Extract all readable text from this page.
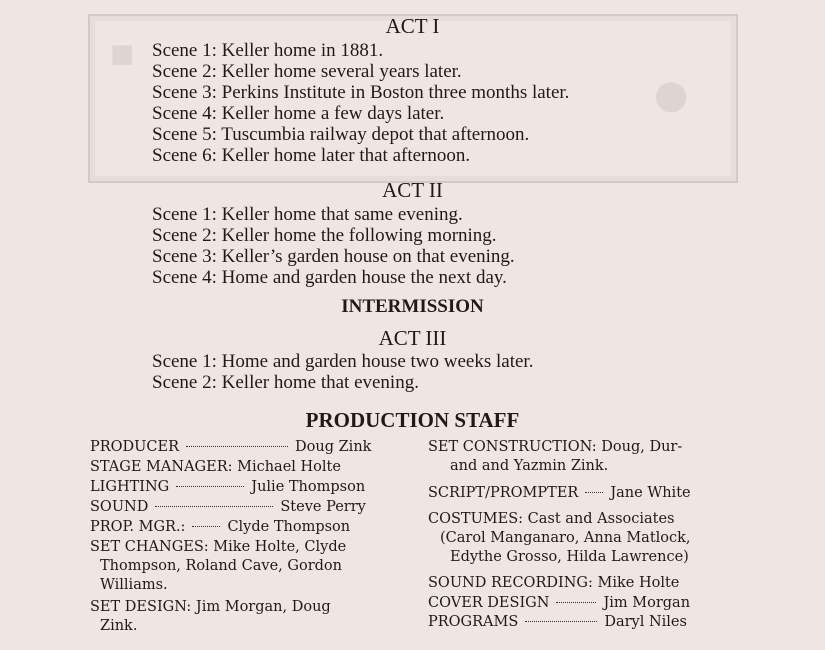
■
●
ACT I
Scene 1: Keller home in 1881.
Scene 2: Keller home several years later.
Scene 3: Perkins Institute in Boston three months later.
Scene 4: Keller home a few days later.
Scene 5: Tuscumbia railway depot that afternoon.
Scene 6: Keller home later that afternoon.
ACT II
Scene 1: Keller home that same evening.
Scene 2: Keller home the following morning.
Scene 3: Keller’s garden house on that evening.
Scene 4: Home and garden house the next day.
INTERMISSION
ACT III
Scene 1: Home and garden house two weeks later.
Scene 2: Keller home that evening.
PRODUCTION STAFF
PRODUCER	Doug Zink
STAGE MANAGER: Michael Holte
LIGHTING	Julie Thompson
SOUND	Steve Perry
PROP. MGR.:	Clyde Thompson
SET CHANGES: Mike Holte, Clyde
Thompson, Roland Cave, Gordon
Williams.
SET DESIGN: Jim Morgan, Doug
Zink.
SET CONSTRUCTION: Doug, Dur-
and and Yazmin Zink.
SCRIPT/PROMPTER Jane White
COSTUMES: Cast and Associates
(Carol Manganaro, Anna Matlock,
Edythe Grosso, Hilda Lawrence)
SOUND RECORDING: Mike Holte
COVER DESIGN	Jim Morgan
PROGRAMS	Daryl Niles
